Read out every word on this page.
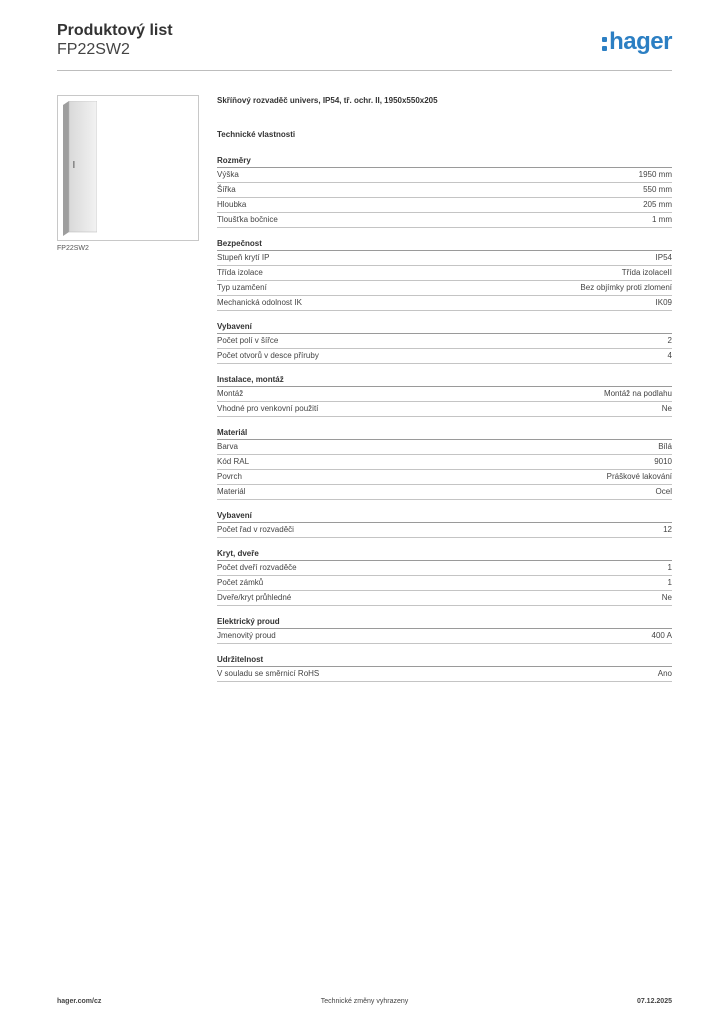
Produktový list
FP22SW2	hager
FP22SW2
Skříňový rozvaděč univers, IP54, tř. ochr. II, 1950x550x205
Technické vlastnosti
Rozměry
Výška	1950 mm
Šířka	550 mm
Hloubka	205 mm
Tloušťka bočnice	1 mm
Bezpečnost
Stupeň krytí IP	IP54
Třída izolace	Třída izolaceII
Typ uzamčení	Bez objímky proti zlomení
Mechanická odolnost IK	IK09
Vybavení
Počet polí v šířce	2
Počet otvorů v desce příruby	4
Instalace, montáž
Montáž	Montáž na podlahu
Vhodné pro venkovní použití	Ne
Materiál
Barva	Bílá
Kód RAL	9010
Povrch	Práškové lakování
Materiál	Ocel
Vybavení
Počet řad v rozvaděči	12
Kryt, dveře
Počet dveří rozvaděče	1
Počet zámků	1
Dveře/kryt průhledné	Ne
Elektrický proud
Jmenovitý proud	400 A
Udržitelnost
V souladu se směrnicí RoHS	Ano
hager.com/cz	Technické změny vyhrazeny	07.12.2025
